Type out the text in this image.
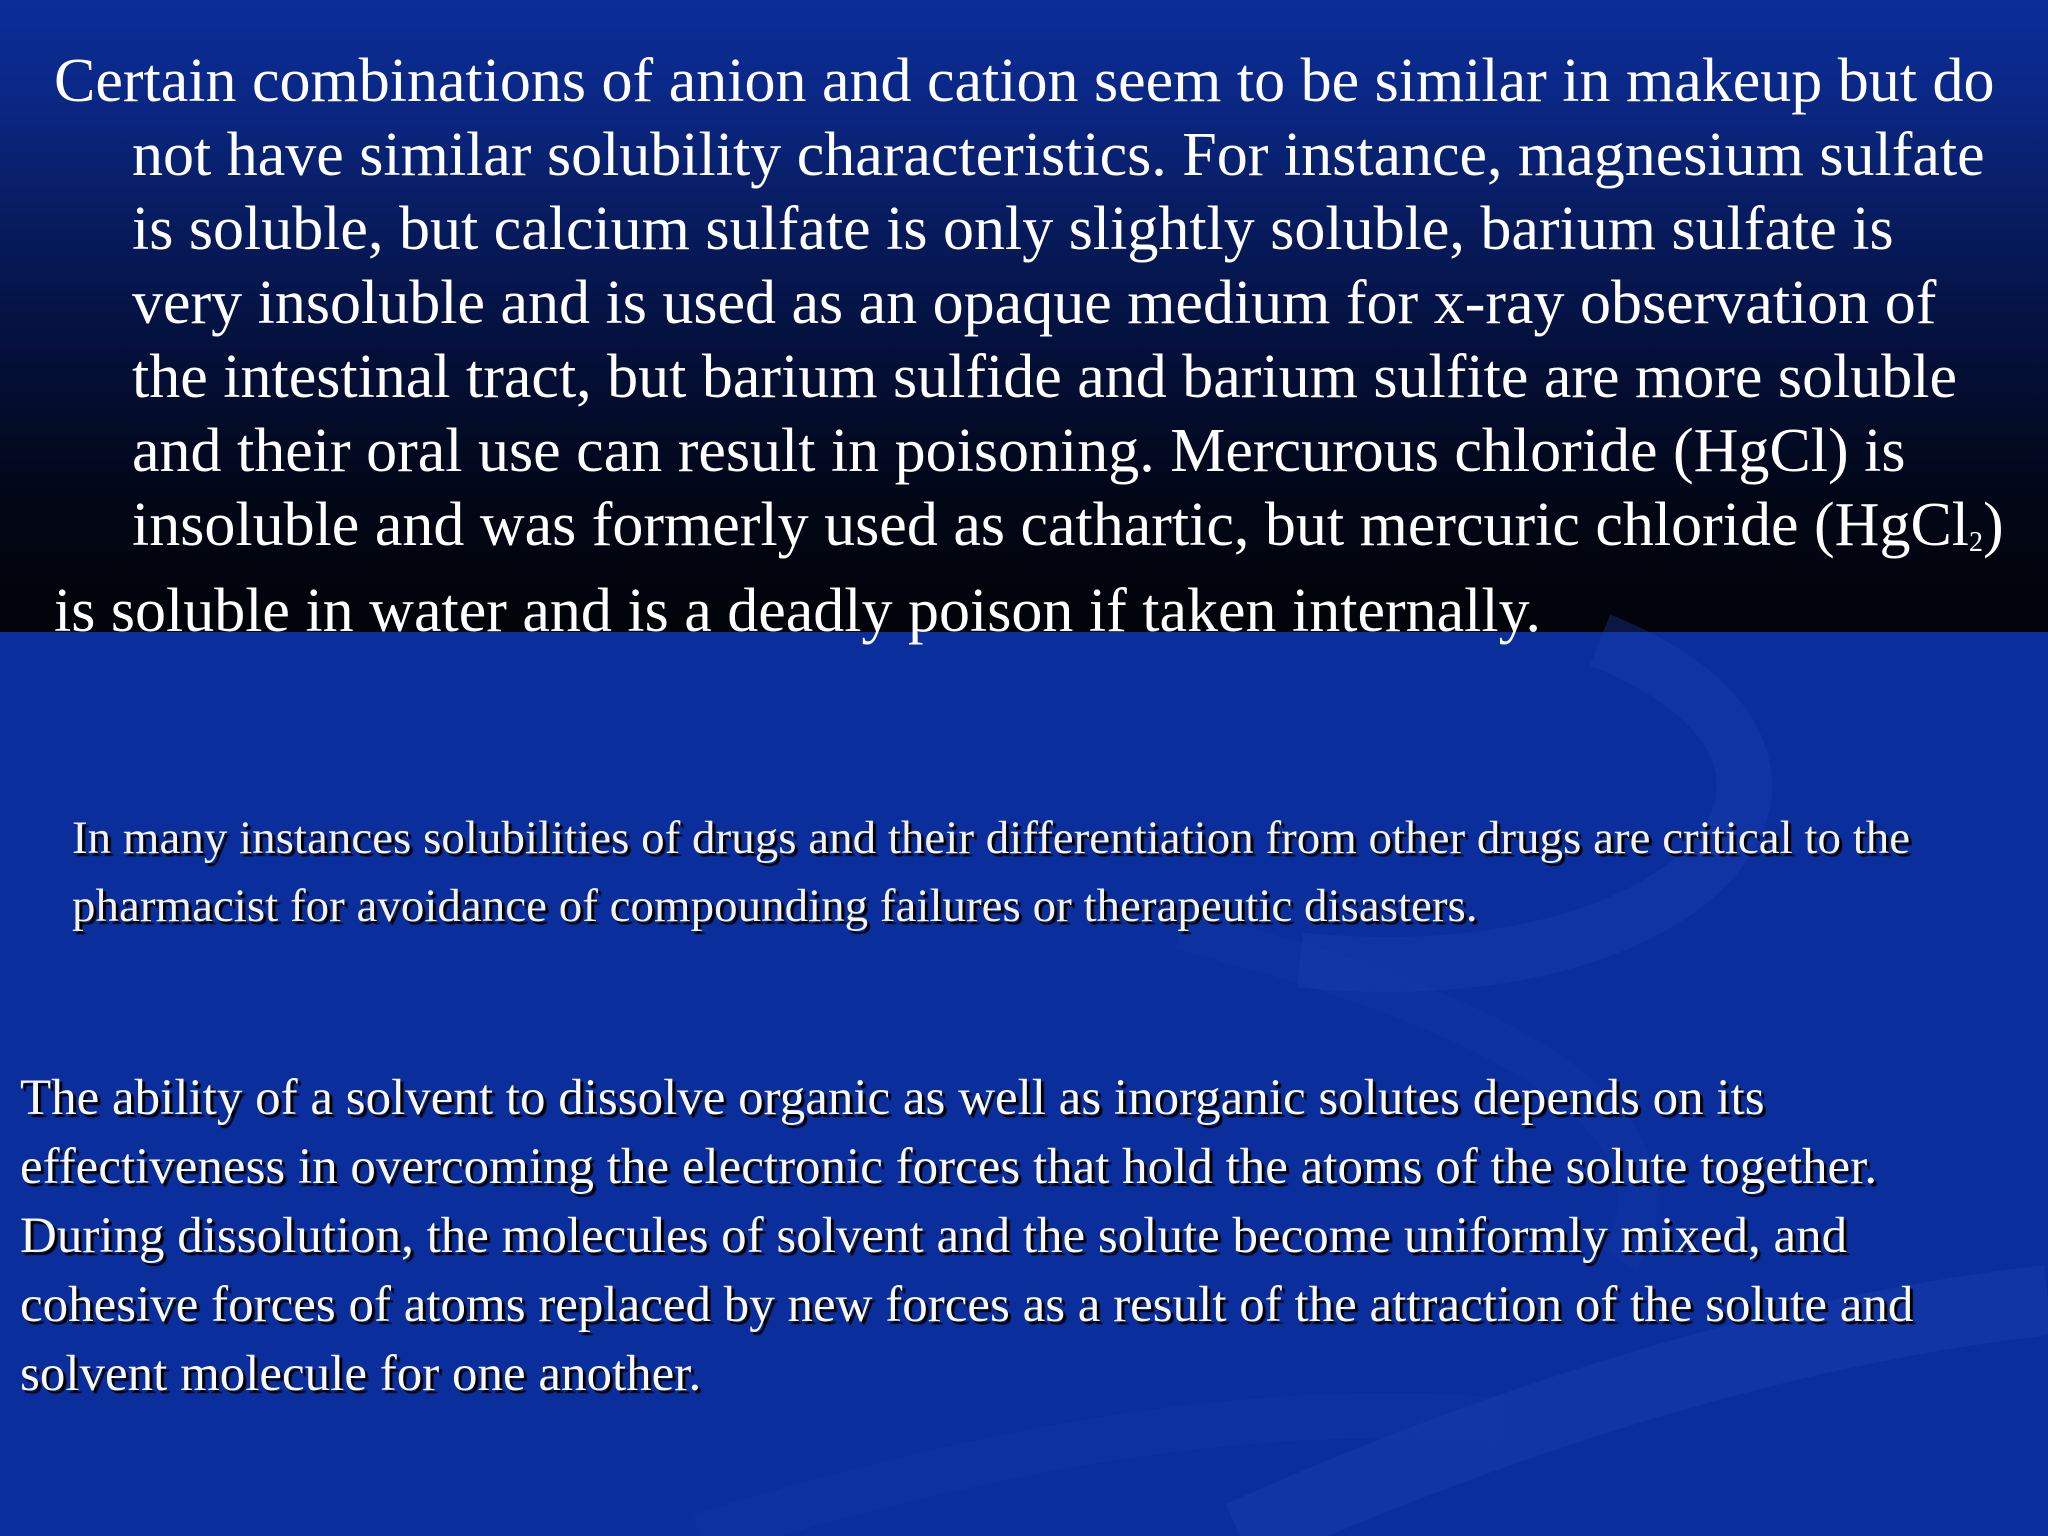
Certain combinations of anion and cation seem to be similar in makeup but do not have similar solubility characteristics. For instance, magnesium sulfate is soluble, but calcium sulfate is only slightly soluble, barium sulfate is very insoluble and is used as an opaque medium for x-ray observation of the intestinal tract, but barium sulfide and barium sulfite are more soluble and their oral use can result in poisoning. Mercurous chloride (HgCl) is insoluble and was formerly used as cathartic, but mercuric chloride (HgCl$_2$)
is soluble in water and is a deadly poison if taken internally.

In many instances solubilities of drugs and their differentiation from other drugs are critical to the pharmacist for avoidance of compounding failures or therapeutic disasters.

The ability of a solvent to dissolve organic as well as inorganic solutes depends on its effectiveness in overcoming the electronic forces that hold the atoms of the solute together. During dissolution, the molecules of solvent and the solute become uniformly mixed, and cohesive forces of atoms replaced by new forces as a result of the attraction of the solute and solvent molecule for one another.
